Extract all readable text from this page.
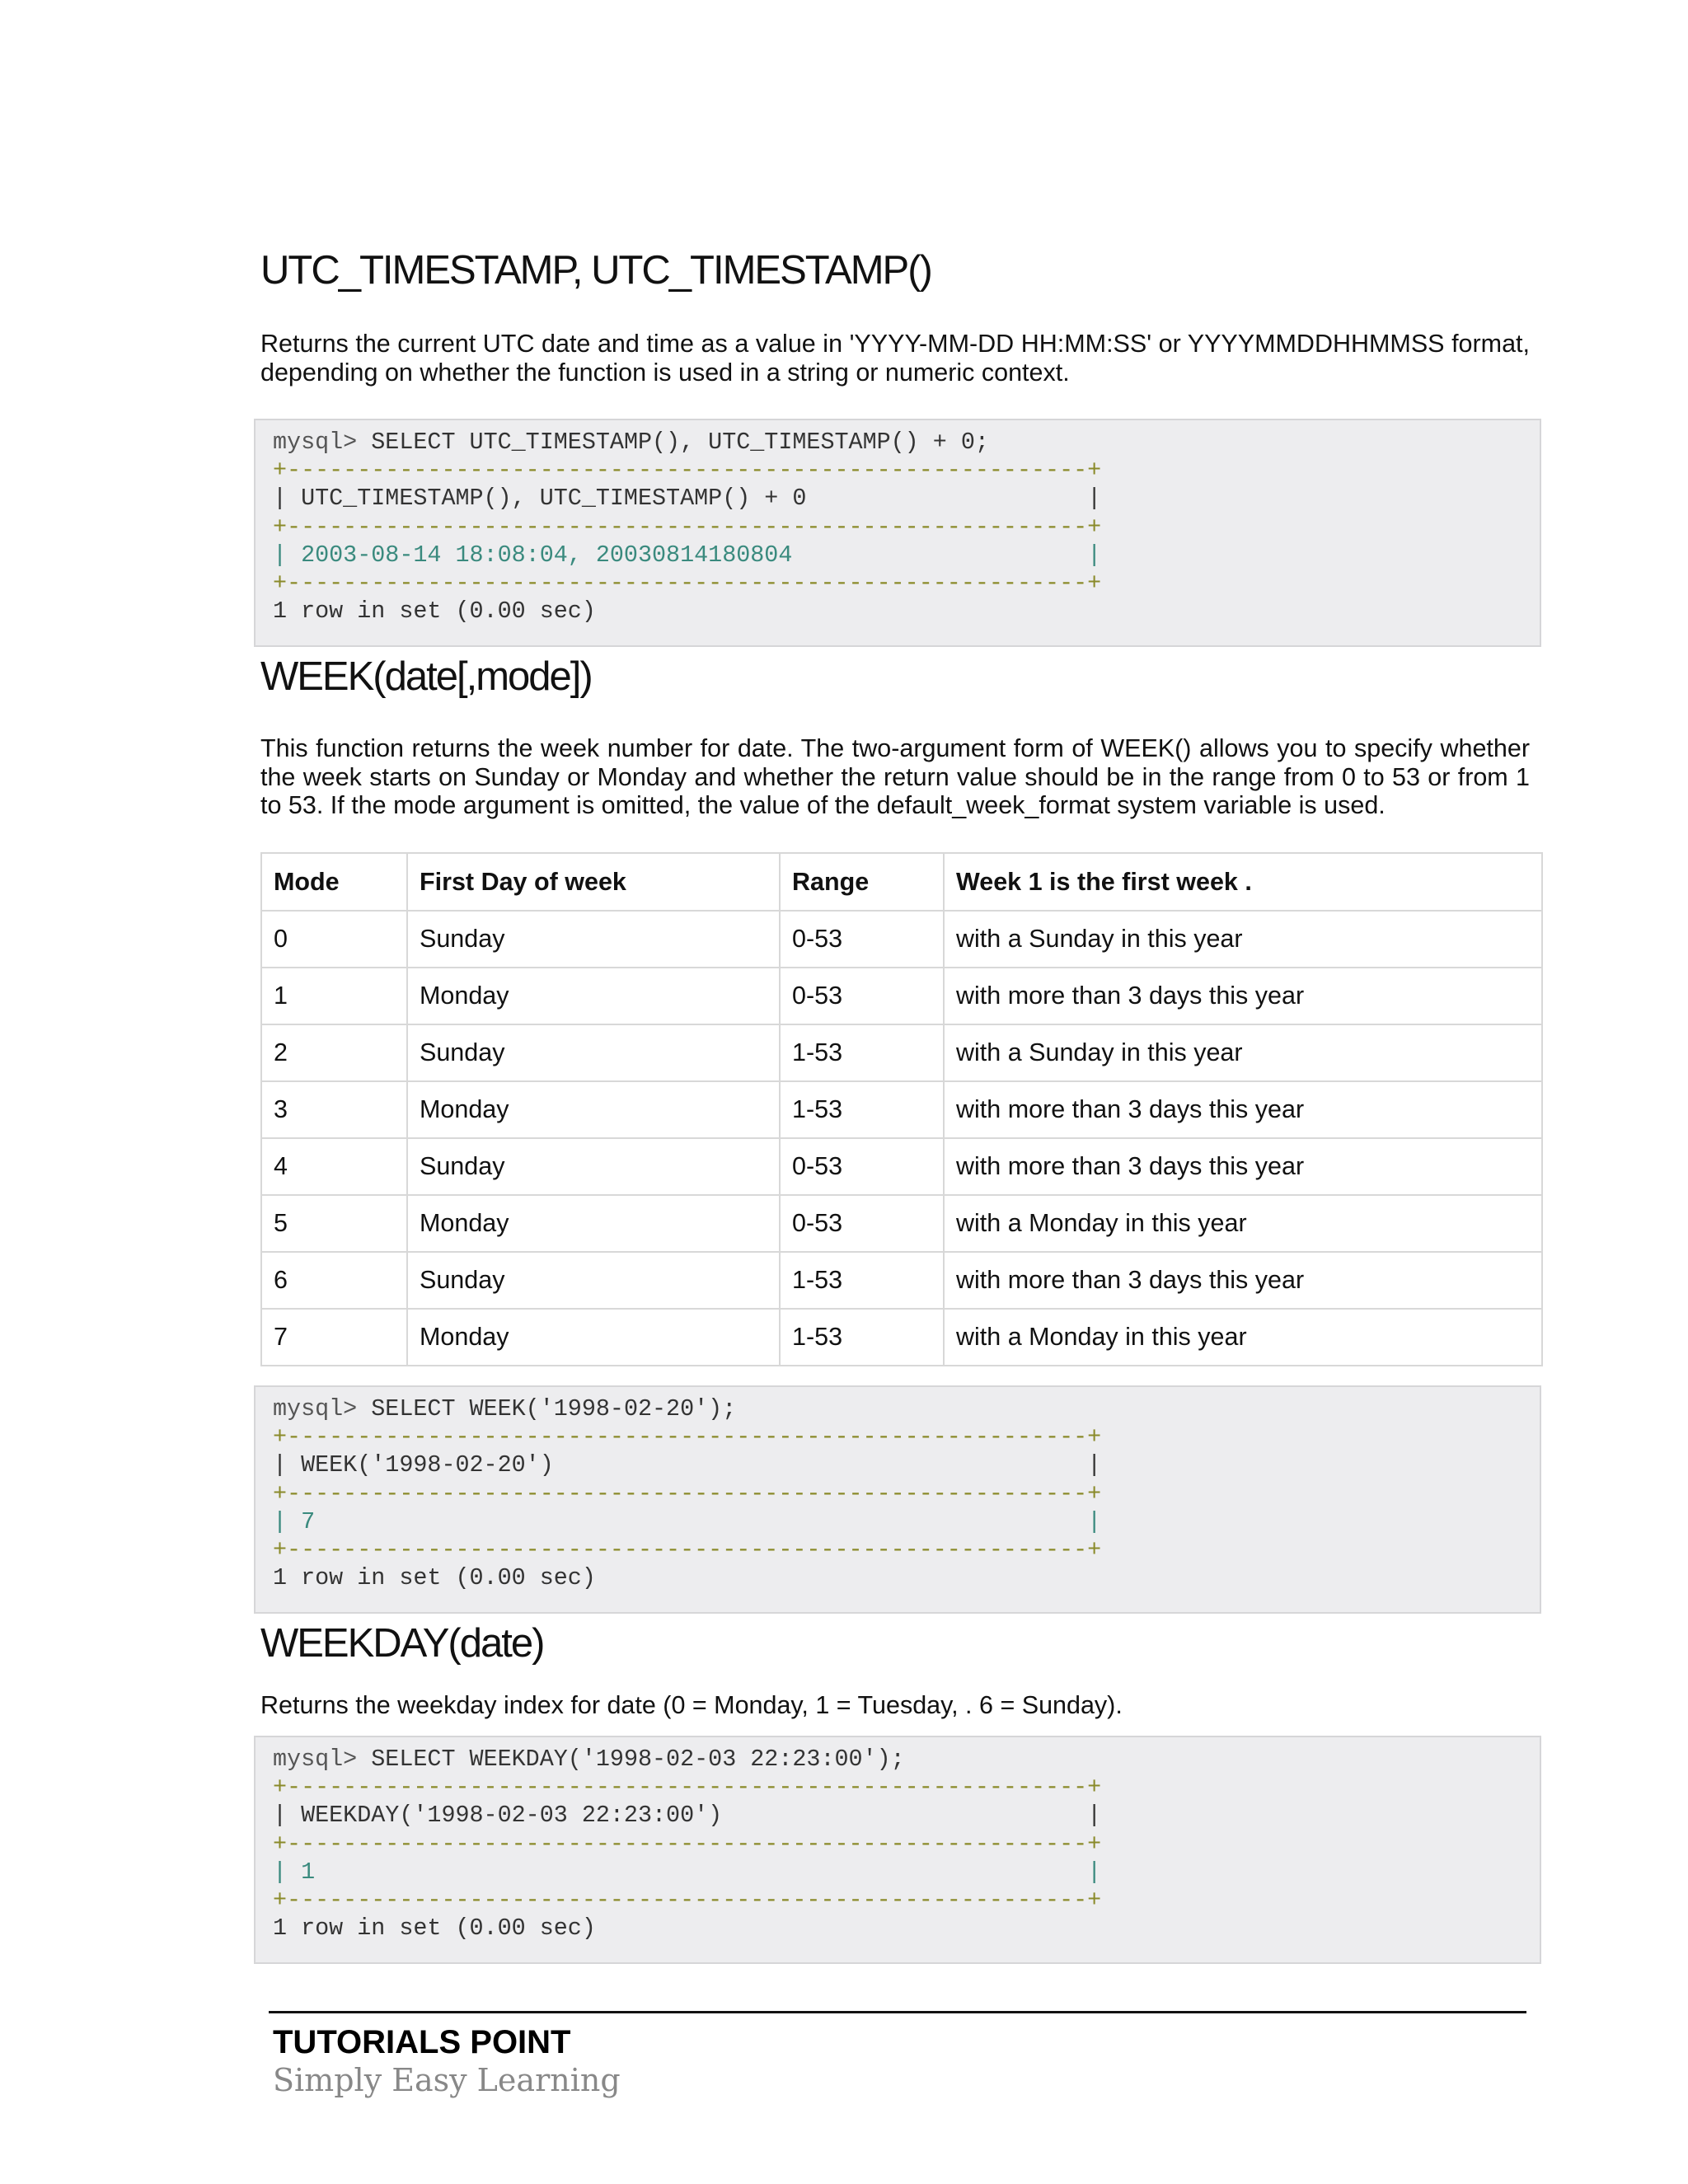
UTC_TIMESTAMP, UTC_TIMESTAMP()

Returns the current UTC date and time as a value in 'YYYY-MM-DD HH:MM:SS' or YYYYMMDDHHMMSS format, depending on whether the function is used in a string or numeric context.

mysql> SELECT UTC_TIMESTAMP(), UTC_TIMESTAMP() + 0;
+---------------------------------------------------------+
| UTC_TIMESTAMP(), UTC_TIMESTAMP() + 0                    |
+---------------------------------------------------------+
| 2003-08-14 18:08:04, 20030814180804                     |
+---------------------------------------------------------+
1 row in set (0.00 sec)
WEEK(date[,mode])

This function returns the week number for date. The two-argument form of WEEK() allows you to specify whether the week starts on Sunday or Monday and whether the return value should be in the range from 0 to 53 or from 1 to 53. If the mode argument is omitted, the value of the default_week_format system variable is used.

Mode	First Day of week	Range	Week 1 is the first week .
0	Sunday	0-53	with a Sunday in this year
1	Monday	0-53	with more than 3 days this year
2	Sunday	1-53	with a Sunday in this year
3	Monday	1-53	with more than 3 days this year
4	Sunday	0-53	with more than 3 days this year
5	Monday	0-53	with a Monday in this year
6	Sunday	1-53	with more than 3 days this year
7	Monday	1-53	with a Monday in this year
mysql> SELECT WEEK('1998-02-20');
+---------------------------------------------------------+
| WEEK('1998-02-20')                                      |
+---------------------------------------------------------+
| 7                                                       |
+---------------------------------------------------------+
1 row in set (0.00 sec)
WEEKDAY(date)

Returns the weekday index for date (0 = Monday, 1 = Tuesday, . 6 = Sunday).

mysql> SELECT WEEKDAY('1998-02-03 22:23:00');
+---------------------------------------------------------+
| WEEKDAY('1998-02-03 22:23:00')                          |
+---------------------------------------------------------+
| 1                                                       |
+---------------------------------------------------------+
1 row in set (0.00 sec)

TUTORIALS POINT

Simply Easy Learning
